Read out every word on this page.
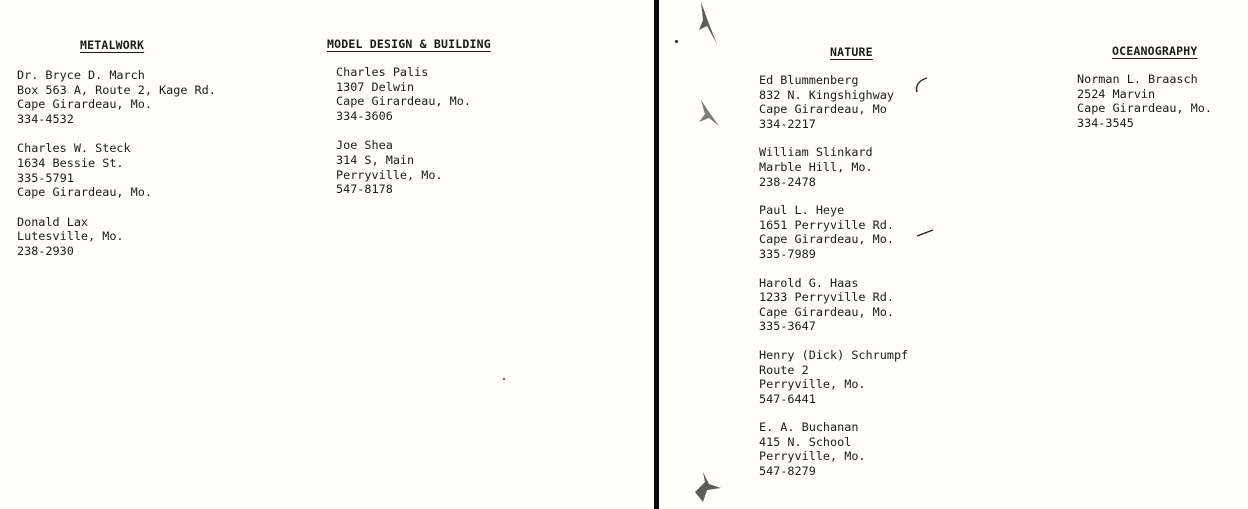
METALWORK
Dr. Bryce D. March
Box 563 A, Route 2, Kage Rd.
Cape Girardeau, Mo.
334-4532
Charles W. Steck
1634 Bessie St.
335-5791
Cape Girardeau, Mo.
Donald Lax
Lutesville, Mo.
238-2930
MODEL DESIGN & BUILDING
Charles Palis
1307 Delwin
Cape Girardeau, Mo.
334-3606
Joe Shea
314 S, Main
Perryville, Mo.
547-8178
NATURE
Ed Blummenberg
832 N. Kingshighway
Cape Girardeau, Mo
334-2217
William Slinkard
Marble Hill, Mo.
238-2478
Paul L. Heye
1651 Perryville Rd.
Cape Girardeau, Mo.
335-7989
Harold G. Haas
1233 Perryville Rd.
Cape Girardeau, Mo.
335-3647
Henry (Dick) Schrumpf
Route 2
Perryville, Mo.
547-6441
E. A. Buchanan
415 N. School
Perryville, Mo.
547-8279
OCEANOGRAPHY
Norman L. Braasch
2524 Marvin
Cape Girardeau, Mo.
334-3545
